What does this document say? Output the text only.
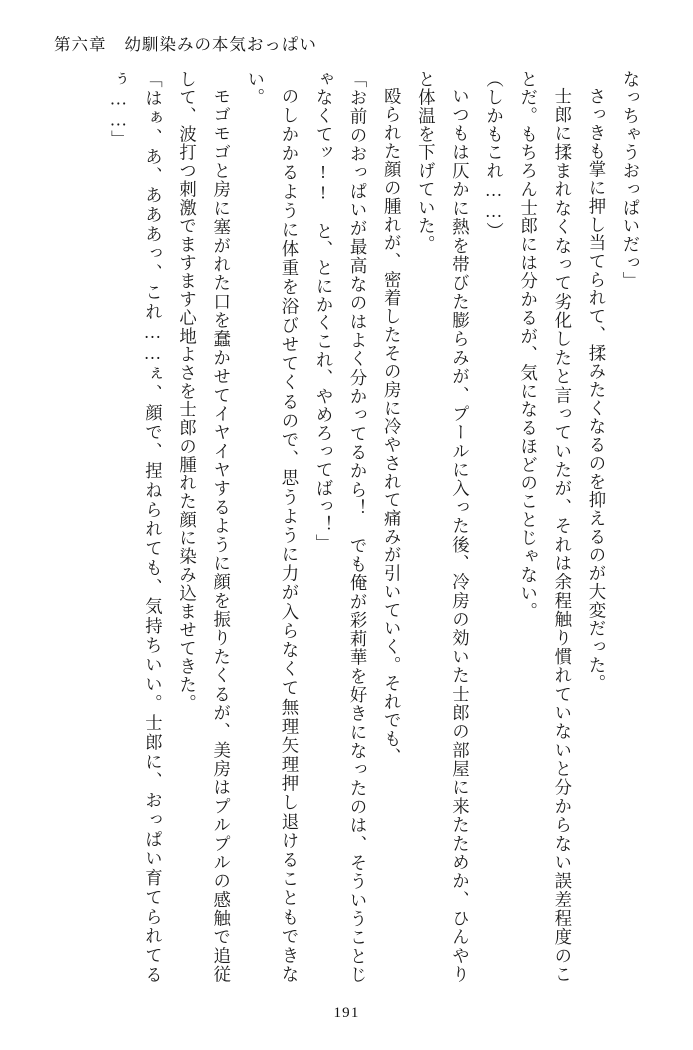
第六章 幼馴染みの本気おっぱい

なっちゃうおっぱいだっ」

さっきも掌に押し当てられて、揉みたくなるのを抑えるのが大変だった。

士郎に揉まれなくなって劣化したと言っていたが、それは余程触り慣れていないと分からない誤差程度のことだ。もちろん士郎には分かるが、気になるほどのことじゃない。

（しかもこれ……）

いつもは仄かに熱を帯びた膨らみが、プールに入った後、冷房の効いた士郎の部屋に来たためか、ひんやりと体温を下げていた。

殴られた顔の腫れが、密着したその房に冷やされて痛みが引いていく。それでも、

「お前のおっぱいが最高なのはよく分かってるから！　でも俺が彩莉華を好きになったのは、そういうことじゃなくてッ!!　と、とにかくこれ、やめろってばっ！」

のしかかるように体重を浴びせてくるので、思うように力が入らなくて無理矢理押し退けることもできない。

モゴモゴと房に塞がれた口を蠢かせてイヤイヤするように顔を振りたくるが、美房はプルプルの感触で追従して、波打つ刺激でますます心地よさを士郎の腫れた顔に染み込ませてきた。

「はぁ、あ、あああっ、これ……ぇ、顔で、捏ねられても、気持ちいい。士郎に、おっぱい育てられてるぅ……」

191
